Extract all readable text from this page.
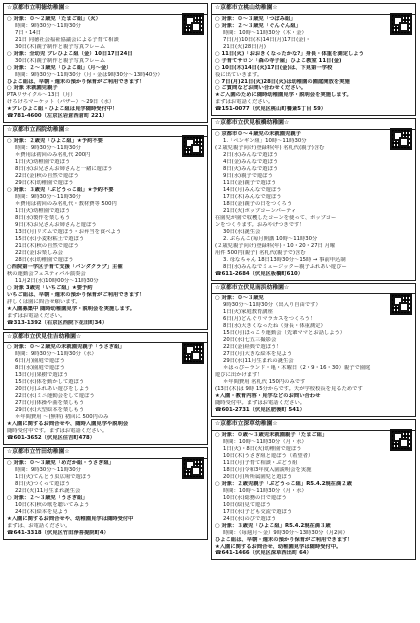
☆京都市立明徳幼稚園☆
○ 対象：０～２歳児「たまご組」（火）
時間：9時30分～11時30分
7日・14日
21日 同徳社会福祉協議会による子育て相談
30日(木)親子制作と親子写真フレーム
○ 対象：全幼児 プレひよこ組（金）10日17日24日
30日(木)親子制作と親子写真フレーム
○ 対象：２～３歳児「ひよこ組」（月～金）
時間：9時30分～11時30分（月・金は9時30分～13時40分）
ひよこ組は、早朝・週末の預かり保育がご利用できます！
○ 対象 未就園児親子
PTAリサイクル～13日（月）
けろけろマーケット（バザー）～29日（水）
★プレひよこ組・ひよこ組は見学随時受付中！
☎781-4600（左京区岩倉西倉町 221）
☆京都市立西院幼稚園☆
○ 対象：２歳児「ひよこ組」★予約不要
時間：9時30分～11時30分
＊費用は初回のみ名札代 200円
1日(火)幼稚園で遊ぼう
8日(水)お兄さんお姉さんと一緒に遊ぼう
22日(金)秋の自然で遊ぼう
29日(木)幼稚園で遊ぼう
○ 対象：３歳児「ぶどうっこ組」★予約不要
時間：9時30分～11時30分
＊費用は初回のみ名札代・教材費等 500円
1日(火)幼稚園で遊ぼう
8日(水)製作を楽しもう
9日(木)お兄さんお姉さんと遊ぼう
13日(月)リズムで遊ぼう・お弁当を食べよう
15日(水)小麦粉粘土で遊ぼう
21日(木)秋の自然で遊ぼう
22日(金)お楽しみ会
28日(水)幼稚園で遊ぼう
○西院第一学区子育て支援「バンダクラブ」主催
秋の運動会フェスティバル演奏会
11月2日(水)10時00分～11時30分
○ 対象 3歳児「いちご組」★要予約
いちご組は、早朝・週末の預かり保育がご利用できます！
詳しくは園に問合せ願います。
★入園募集中 随時幼稚園見学・説明会を実施します。
まずはお電話ください。
☎313-1392（右京区西院下花田町34）
☆京都市立伏見住吉幼稚園☆
○ 対象：０～２歳児の未就園児親子「うさぎ組」
時間：9時30分～11時30分（水）
6日(月)園庭で遊ぼう
8日(水)園庭で遊ぼう
13日(月)果樹で遊ぼう
15日(水)体を動かして遊ぼう
20日(月)ふれあい遊びをしよう
22日(水)ミニ運動会をして遊ぼう
27日(月)体操や曲を楽しもう
29日(水)大型絵本を楽しもう
＊年間費用 ～(無料) 初回に 500円のみ
★入園に関するお問合せや、随時入園見学や説明会
随時受付中です。まずはお電話ください。
☎601-3652（伏見区住吉町478）
☆京都市立竹田幼稚園☆
○ 対象：０～３歳児「めだか組・うさぎ組」
時間：9時30分～11時30分
1日(火)てんとう虫広場で遊ぼう
8日(火)つくって遊ぼう
22日(火)11月生まれ誕生会
○ 対象：２～３歳児「うさぎ組」
10日(木)秋の歌を聴いてみよう
24日(木)絵本を見よう
★入園に関するお問合せや、幼稚園見学は随時受付中
まずは、お電話ください。
☎641-3318（伏見区竹田浄菩提院町4）
☆京都市立桃山幼稚園☆
○ 対象：０～３歳児「つぼみ組」
○ 対象：２～３歳児「ぐんぐん組」
時間：10時～11時30分（木・金）
7日(月)10日(木)14日(月)17日(金)・
21日(火)28日(月)
○ 11日(火)「おおきくなったかな?」身長・体重を測定しよう
○ 子育てサロン「森の寺子屋」ひよこ教室 11日(金)
○ 10日(木)14日(火)17日(金)は、下見第一学校
役に出ていきます。
○ 7日(月)21日(火)28日(火)は幼稚園の園庭開放を実施
○ ご質問などお問い合わせください。
★ご入園のために随時幼稚園見学・説明会を実施します。
まずはお電話ください。
☎151-0077（伏見区桃山町養斎5丁目 59）
☆京都市立伏見板橋幼稚園☆
○ 京都市０～４歳児の未就園児親子
1.「ペンギン組」10時～11時30分
(２歳児親子向け)登録料(年) 名札代(親子)含む
2日(水)みんなで遊ぼう
4日(金)みんなで遊ぼう
8日(火)みんなで遊ぼう
9日(水)親子で遊ぼう
11日(金)親子で遊ぼう
14日(月)みんなで遊ぼう
17日(木)みんなで遊ぼう
18日(金)親子の日をつくろう
21日(火)ポップコーンパーティ
在園児が園で収穫したコーンを使って、ポップコー
ンをつくります。おみやげつきです！
30日(水)誕生会
2. ぶらんこ(毎月開講 10時～11時30分
(２歳児親子向け)登録料(年)・10・20・27日 月曜
用件 500円(親子) 名札代(親子で)含む
3. 母なちゃん 18日13時30分～15時 → 事前申込制
8日(水)みんなでミュージックー親子ふれあい遊びー
☎611-2684（伏見区板橋町610）
☆京都市立伏見南浜幼稚園☆
○ 対象：０～３歳児
9時30分～11時30分（出入り自由です）
1日(火)家庭教育講座
6日(月)どんぐりマラカスをつくろう！
8日(水)大きくなったね（身長・体重測定）
15日(月)ほっこり運動会（先輩ママとお話しよう）
20日(水)七五三撮影会
22日(金)経典で遊ぼう！
27日(月)大きな絵本を見よう
29日(水)11月生まれの誕生会
＊はっぴーランド・亀・木曜日（2・9・16・30）親子で園庭
遊びに出かけます！
＊年間費用 名札代 150円のみです
(13日(木)は 9時 15分からです。天が学校校長を見るためです
★入園・教育内容・見学などのお問い合わせ
随時受付中。まずはお電話ください。
☎601-2731（伏見区肥後町 541）
☆京都市立深草幼稚園☆
○ 対象：０歳～３歳児未就園親子「たまご組」
時間：10時～11時30分（月・水）
1日(火)・8日(火)幼稚園で遊ぼう
10日(木)うさぎ組と遊ぼう（希望者）
11日(月)子育て相談・ぶどう組
18日(月)令和3年度入園説明会を実施
20日(月)所所属園児と遊ぼう
○ 対象：２歳児親子「ぶどうっこ組」R5.4.2現在満２歳
時間：10時～11時30分（月・水）
10日(水)総務の日で遊ぼう
10日(絵)見て遊ぼう
17日(水)子ども交流で遊ぼう
24日(水)のびで遊ぼう
○ 対象：３歳児「ひよこ組」R5.4.2現在満３歳
時間：（毎週月～金）9時30分～13時30分（月2回）
ひよこ組は、早朝・週末の預かり保育がご利用できます！
★入園に関するお問合せ、幼稚園見学は随時受付中。
☎641-1466（伏見区深草西出町 64）
